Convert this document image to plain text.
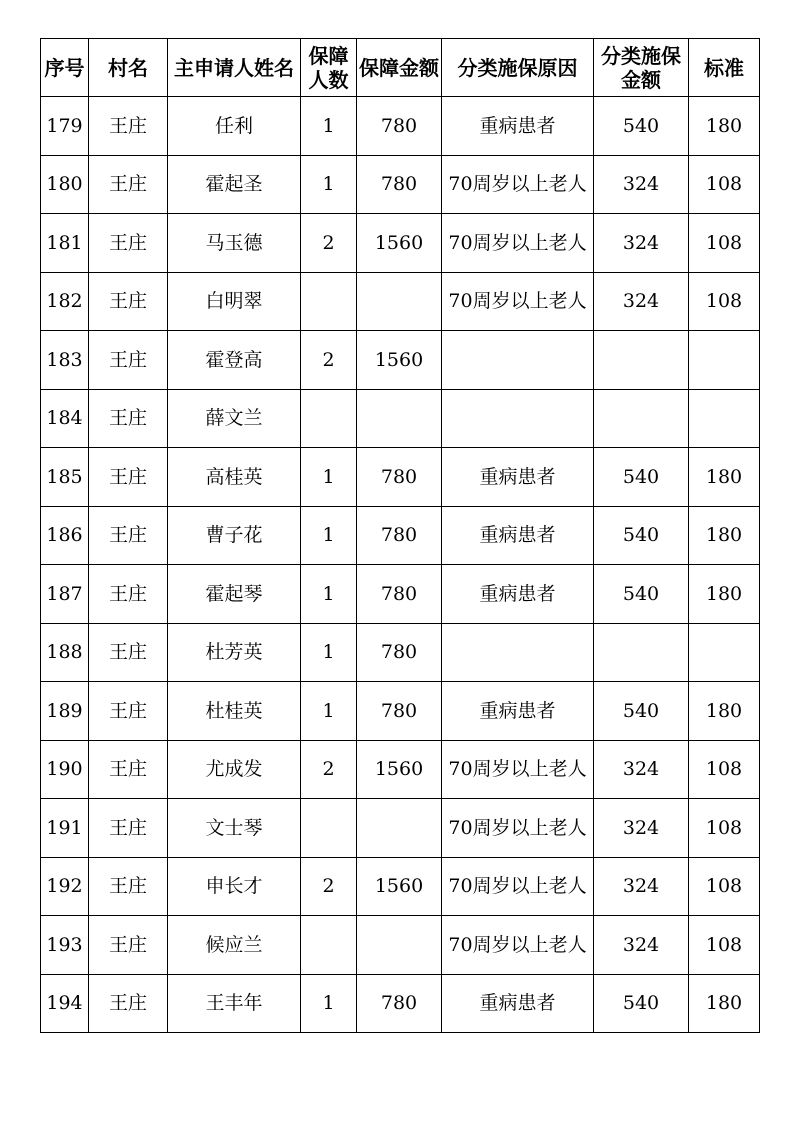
序号	村名	主申请人姓名	保障人数	保障金额	分类施保原因	分类施保金额	标准
179	王庄	任利	1	780	重病患者	540	180
180	王庄	霍起圣	1	780	70周岁以上老人	324	108
181	王庄	马玉德	2	1560	70周岁以上老人	324	108
182	王庄	白明翠			70周岁以上老人	324	108
183	王庄	霍登高	2	1560			
184	王庄	薛文兰					
185	王庄	高桂英	1	780	重病患者	540	180
186	王庄	曹子花	1	780	重病患者	540	180
187	王庄	霍起琴	1	780	重病患者	540	180
188	王庄	杜芳英	1	780			
189	王庄	杜桂英	1	780	重病患者	540	180
190	王庄	尤成发	2	1560	70周岁以上老人	324	108
191	王庄	文士琴			70周岁以上老人	324	108
192	王庄	申长才	2	1560	70周岁以上老人	324	108
193	王庄	候应兰			70周岁以上老人	324	108
194	王庄	王丰年	1	780	重病患者	540	180
